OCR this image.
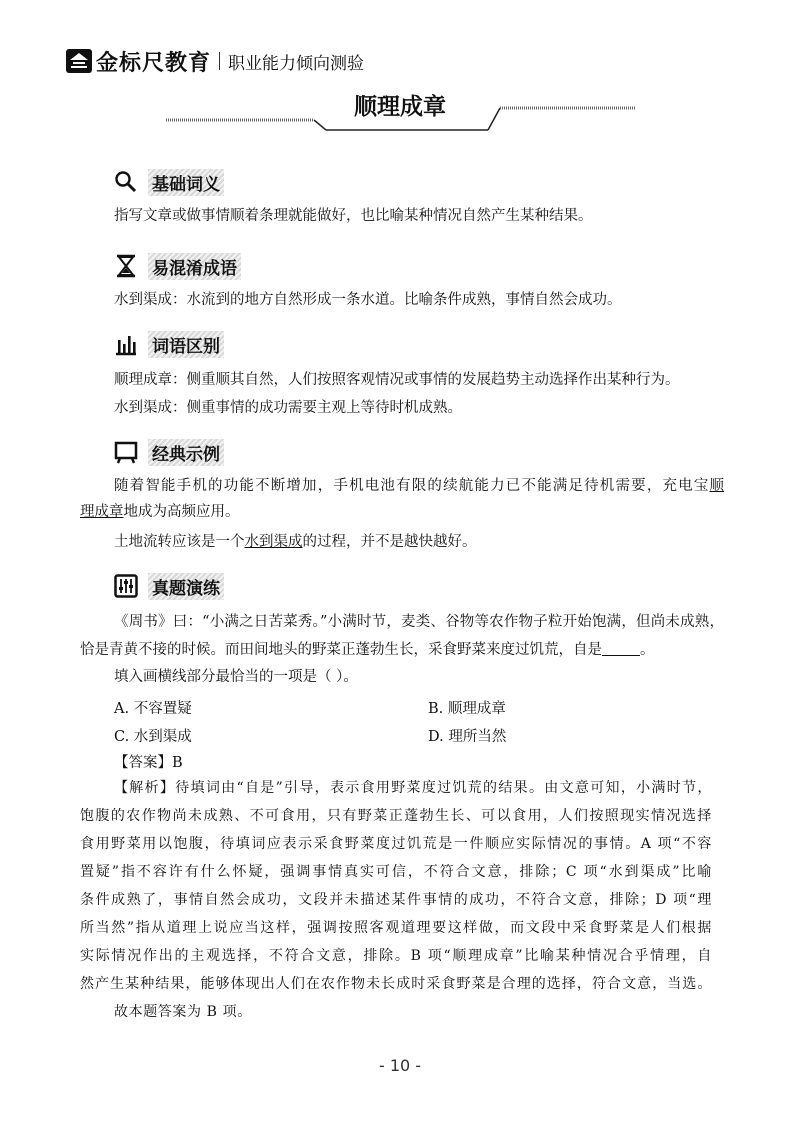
金标尺教育 职业能力倾向测验
顺理成章
基础词义
指写文章或做事情顺着条理就能做好，也比喻某种情况自然产生某种结果。
易混淆成语
水到渠成：水流到的地方自然形成一条水道。比喻条件成熟，事情自然会成功。
词语区别
顺理成章：侧重顺其自然，人们按照客观情况或事情的发展趋势主动选择作出某种行为。
水到渠成：侧重事情的成功需要主观上等待时机成熟。
经典示例
随着智能手机的功能不断增加，手机电池有限的续航能力已不能满足待机需要，充电宝顺
理成章地成为高频应用。
土地流转应该是一个水到渠成的过程，并不是越快越好。
真题演练
《周书》曰：“小满之日苦菜秀。”小满时节，麦类、谷物等农作物子粒开始饱满，但尚未成熟，
恰是青黄不接的时候。而田间地头的野菜正蓬勃生长，采食野菜来度过饥荒，自是	。
填入画横线部分最恰当的一项是（ ）。
A. 不容置疑	B. 顺理成章
C. 水到渠成	D. 理所当然
【答案】B
【解析】待填词由“自是”引导，表示食用野菜度过饥荒的结果。由文意可知，小满时节，
饱腹的农作物尚未成熟、不可食用，只有野菜正蓬勃生长、可以食用，人们按照现实情况选择
食用野菜用以饱腹，待填词应表示采食野菜度过饥荒是一件顺应实际情况的事情。A 项“不容
置疑”指不容许有什么怀疑，强调事情真实可信，不符合文意，排除；C 项“水到渠成”比喻
条件成熟了，事情自然会成功，文段并未描述某件事情的成功，不符合文意，排除；D 项“理
所当然”指从道理上说应当这样，强调按照客观道理要这样做，而文段中采食野菜是人们根据
实际情况作出的主观选择，不符合文意，排除。B 项“顺理成章”比喻某种情况合乎情理，自
然产生某种结果，能够体现出人们在农作物未长成时采食野菜是合理的选择，符合文意，当选。
故本题答案为 B 项。
- 10 -
